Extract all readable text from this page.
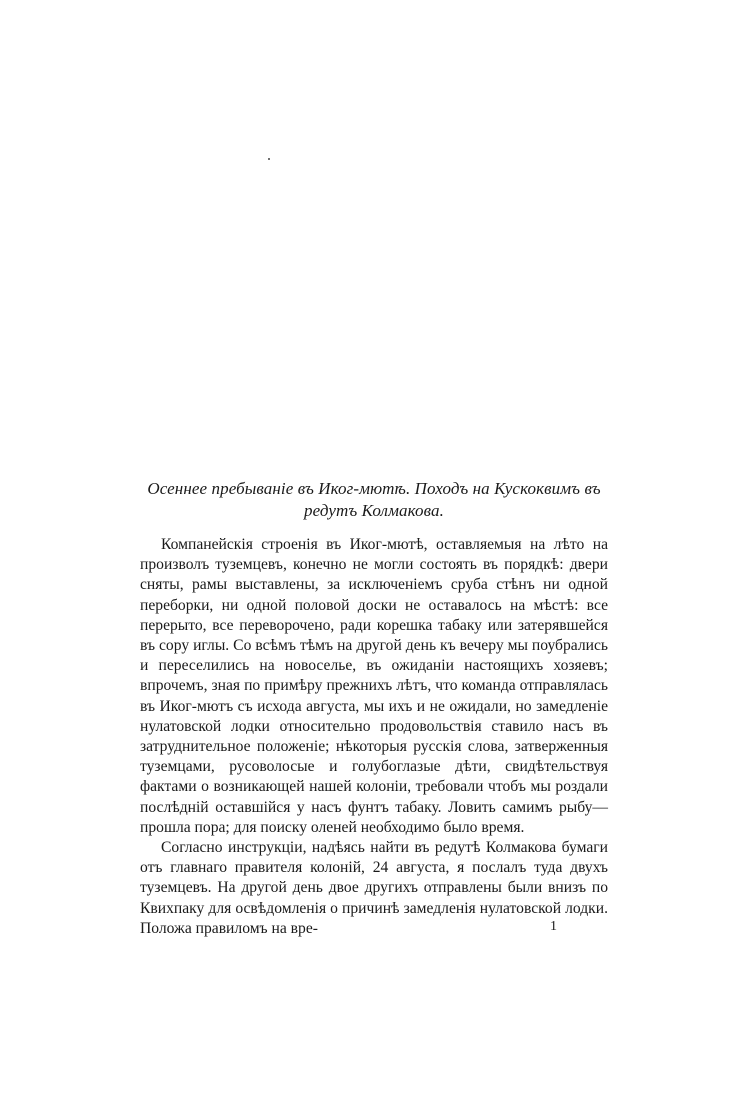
Осеннее пребыванiе въ Иког-мютѣ. Походъ на Кускоквимъ въ редутъ Колмакова.

Компанейскiя строенiя въ Иког-мютѣ, оставляемыя на лѣто на произволъ туземцевъ, конечно не могли состоять въ порядкѣ: двери сняты, рамы выставлены, за исключенiемъ сруба стѣнъ ни одной переборки, ни одной половой доски не оставалось на мѣстѣ: все перерыто, все переворочено, ради корешка табаку или затерявшейся въ сору иглы. Со всѣмъ тѣмъ на другой день къ вечеру мы поубрались и переселились на новоселье, въ ожиданiи настоящихъ хозяевъ; впрочемъ, зная по примѣру прежнихъ лѣтъ, что команда отправлялась въ Иког-мютъ съ исхода августа, мы ихъ и не ожидали, но замедленiе нулатовской лодки относительно продовольствiя ставило насъ въ затруднительное положенiе; нѣкоторыя русскiя слова, затверженныя туземцами, русоволосые и голубоглазые дѣти, свидѣтельствуя фактами о возникающей нашей колонiи, требовали чтобъ мы роздали послѣднiй оставшiйся у насъ фунтъ табаку. Ловить самимъ рыбу—прошла пора; для поиску оленей необходимо было время.

Согласно инструкцiи, надѣясь найти въ редутѣ Колмакова бумаги отъ главнаго правителя колонiй, 24 августа, я послалъ туда двухъ туземцевъ. На другой день двое другихъ отправлены были внизъ по Квихпаку для освѣдомленiя о причинѣ замедленiя нулатовской лодки. Положа правиломъ на вре-	1
